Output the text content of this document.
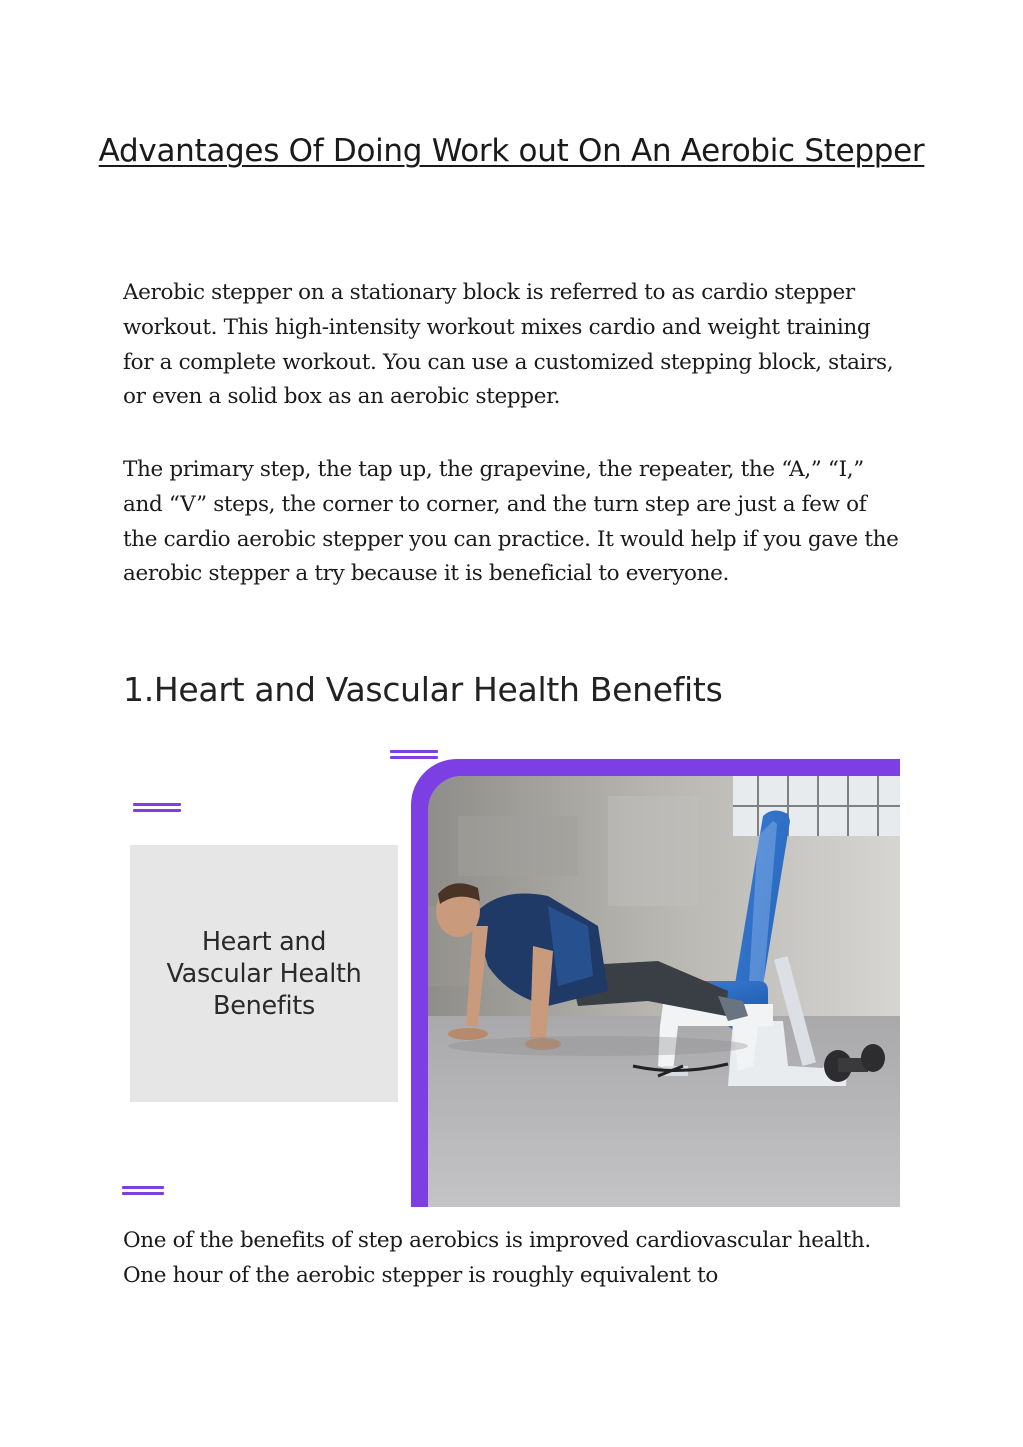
Advantages Of Doing Work out On An Aerobic Stepper

Aerobic stepper on a stationary block is referred to as cardio stepper workout. This high-intensity workout mixes cardio and weight training for a complete workout. You can use a customized stepping block, stairs, or even a solid box as an aerobic stepper.

The primary step, the tap up, the grapevine, the repeater, the “A,” “I,” and “V” steps, the corner to corner, and the turn step are just a few of the cardio aerobic stepper you can practice. It would help if you gave the aerobic stepper a try because it is beneficial to everyone.

1.Heart and Vascular Health Benefits
Heart and Vascular Health Benefits

One of the benefits of step aerobics is improved cardiovascular health. One hour of the aerobic stepper is roughly equivalent to
